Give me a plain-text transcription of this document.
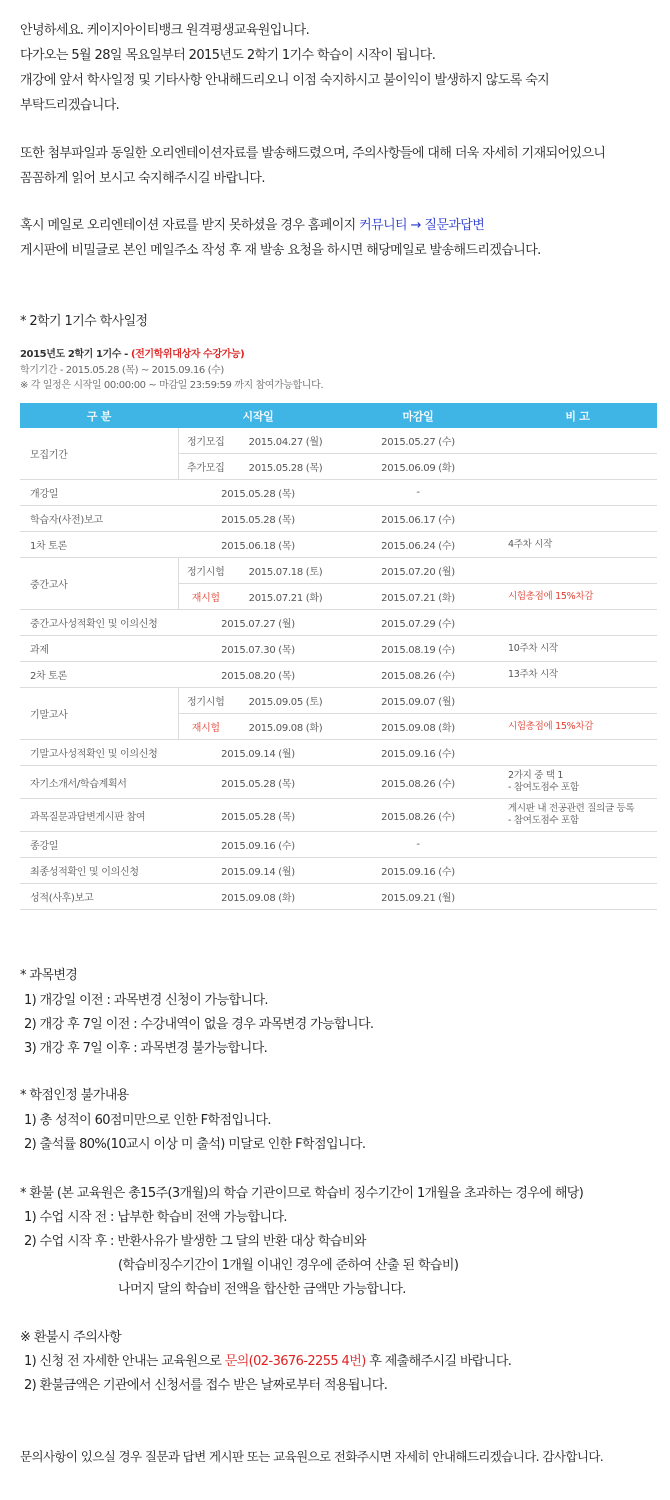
안녕하세요. 케이지아이티뱅크 원격평생교육원입니다.
다가오는 5월 28일 목요일부터 2015년도 2학기 1기수 학습이 시작이 됩니다.
개강에 앞서 학사일정 및 기타사항 안내해드리오니 이점 숙지하시고 불이익이 발생하지 않도록 숙지
부탁드리겠습니다.
또한 첨부파일과 동일한 오리엔테이션자료를 발송해드렸으며, 주의사항들에 대해 더욱 자세히 기재되어있으니
꼼꼼하게 읽어 보시고 숙지해주시길 바랍니다.
혹시 메일로 오리엔테이션 자료를 받지 못하셨을 경우 홈페이지 커뮤니티 → 질문과답변
게시판에 비밀글로 본인 메일주소 작성 후 재 발송 요청을 하시면 해당메일로 발송해드리겠습니다.
* 2학기 1기수 학사일정
2015년도 2학기 1기수 - (전기학위대상자 수강가능)
학기기간 - 2015.05.28 (목) ~ 2015.09.16 (수)
※ 각 일정은 시작일 00:00:00 ~ 마감일 23:59:59 까지 참여가능합니다.
구 분	시작일		마감일	비 고
모집기간	정기모집	2015.04.27 (월)	2015.05.27 (수)	
	추가모집	2015.05.28 (목)	2015.06.09 (화)	
개강일	2015.05.28 (목)		-	
학습자(사전)보고	2015.05.28 (목)		2015.06.17 (수)	
1차 토론	2015.06.18 (목)		2015.06.24 (수)	4주차 시작
중간고사	정기시험	2015.07.18 (토)	2015.07.20 (월)	
	재시험	2015.07.21 (화)	2015.07.21 (화)	시험총점에 15%차감
중간고사성적확인 및 이의신청	2015.07.27 (월)		2015.07.29 (수)	
과제	2015.07.30 (목)		2015.08.19 (수)	10주차 시작
2차 토론	2015.08.20 (목)		2015.08.26 (수)	13주차 시작
기말고사	정기시험	2015.09.05 (토)	2015.09.07 (월)	
	재시험	2015.09.08 (화)	2015.09.08 (화)	시험총점에 15%차감
기말고사성적확인 및 이의신청	2015.09.14 (월)		2015.09.16 (수)	
자기소개서/학습계획서	2015.05.28 (목)		2015.08.26 (수)	2가지 중 택 1
- 참여도점수 포함

과목질문과답변게시판 참여	2015.05.28 (목)		2015.08.26 (수)	게시판 내 전공관련 질의글 등록
- 참여도점수 포함

종강일	2015.09.16 (수)		-	
최종성적확인 및 이의신청	2015.09.14 (월)		2015.09.16 (수)	
성적(사후)보고	2015.09.08 (화)		2015.09.21 (월)	
* 과목변경
1) 개강일 이전 : 과목변경 신청이 가능합니다.
2) 개강 후 7일 이전 : 수강내역이 없을 경우 과목변경 가능합니다.
3) 개강 후 7일 이후 : 과목변경 불가능합니다.
* 학점인정 불가내용
1) 총 성적이 60점미만으로 인한 F학점입니다.
2) 출석률 80%(10교시 이상 미 출석) 미달로 인한 F학점입니다.
* 환불 (본 교육원은 총15주(3개월)의 학습 기관이므로 학습비 징수기간이 1개월을 초과하는 경우에 해당)
1) 수업 시작 전 : 납부한 학습비 전액 가능합니다.
2) 수업 시작 후 : 반환사유가 발생한 그 달의 반환 대상 학습비와
(학습비징수기간이 1개월 이내인 경우에 준하여 산출 된 학습비)
나머지 달의 학습비 전액을 합산한 금액만 가능합니다.
※ 환불시 주의사항
1) 신청 전 자세한 안내는 교육원으로 문의(02-3676-2255 4번) 후 제출해주시길 바랍니다.
2) 환불금액은 기관에서 신청서를 접수 받은 날짜로부터 적용됩니다.
문의사항이 있으실 경우 질문과 답변 게시판 또는 교육원으로 전화주시면 자세히 안내해드리겠습니다. 감사합니다.
